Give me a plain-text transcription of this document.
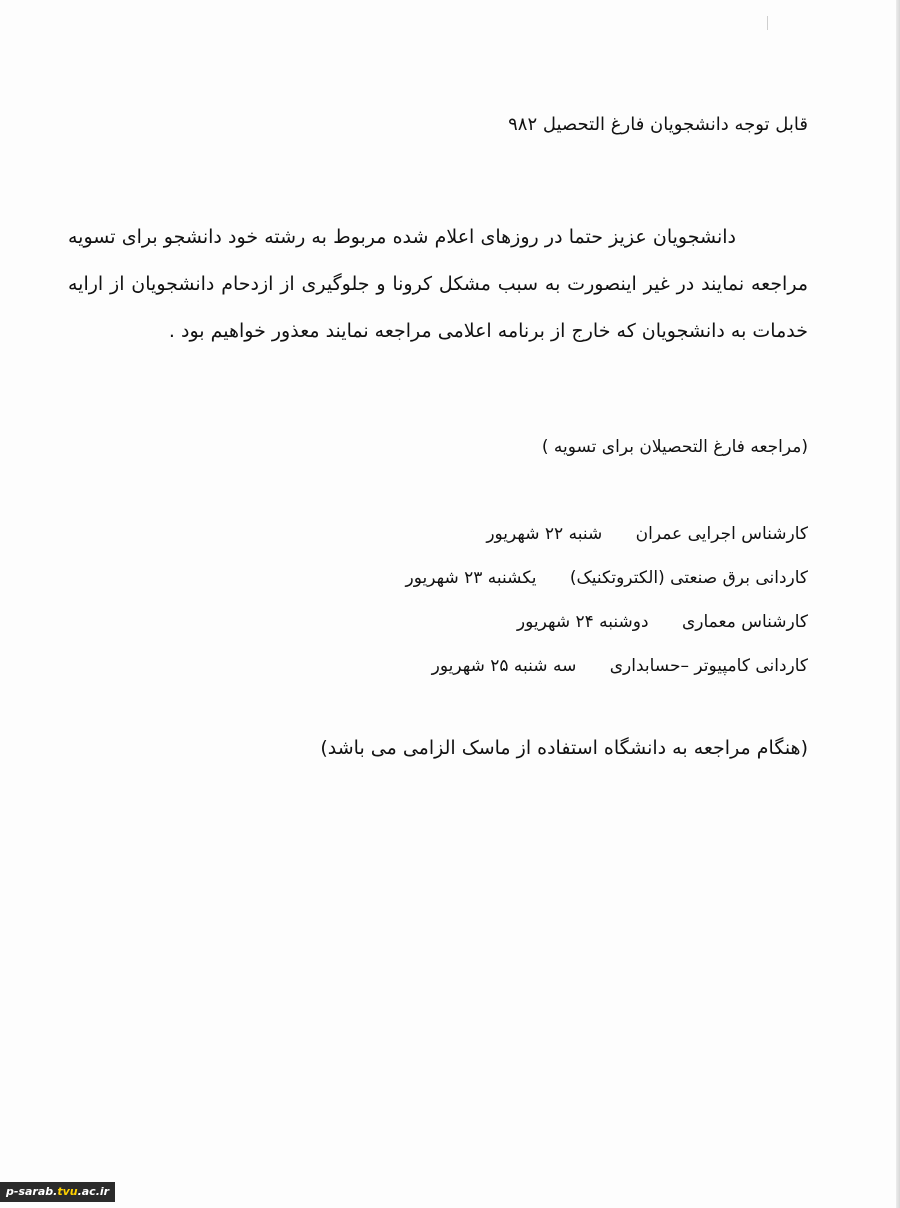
قابل توجه دانشجویان فارغ التحصیل ۹۸۲

دانشجویان عزیز حتما در روزهای اعلام شده مربوط به رشته خود دانشجو برای تسویه مراجعه نمایند در غیر اینصورت به سبب مشکل کرونا و جلوگیری از ازدحام دانشجویان از ارایه خدمات به دانشجویان که خارج از برنامه اعلامی مراجعه نمایند معذور خواهیم بود .

(مراجعه فارغ التحصیلان برای تسویه )
کارشناس اجرایی عمران شنبه ۲۲ شهریور
کاردانی برق صنعتی (الکتروتکنیک) یکشنبه ۲۳ شهریور
کارشناس معماری دوشنبه ۲۴ شهریور
کاردانی کامپیوتر –حسابداری سه شنبه ۲۵ شهریور
(هنگام مراجعه به دانشگاه استفاده از ماسک الزامی می باشد)
p-sarab.tvu.ac.ir
